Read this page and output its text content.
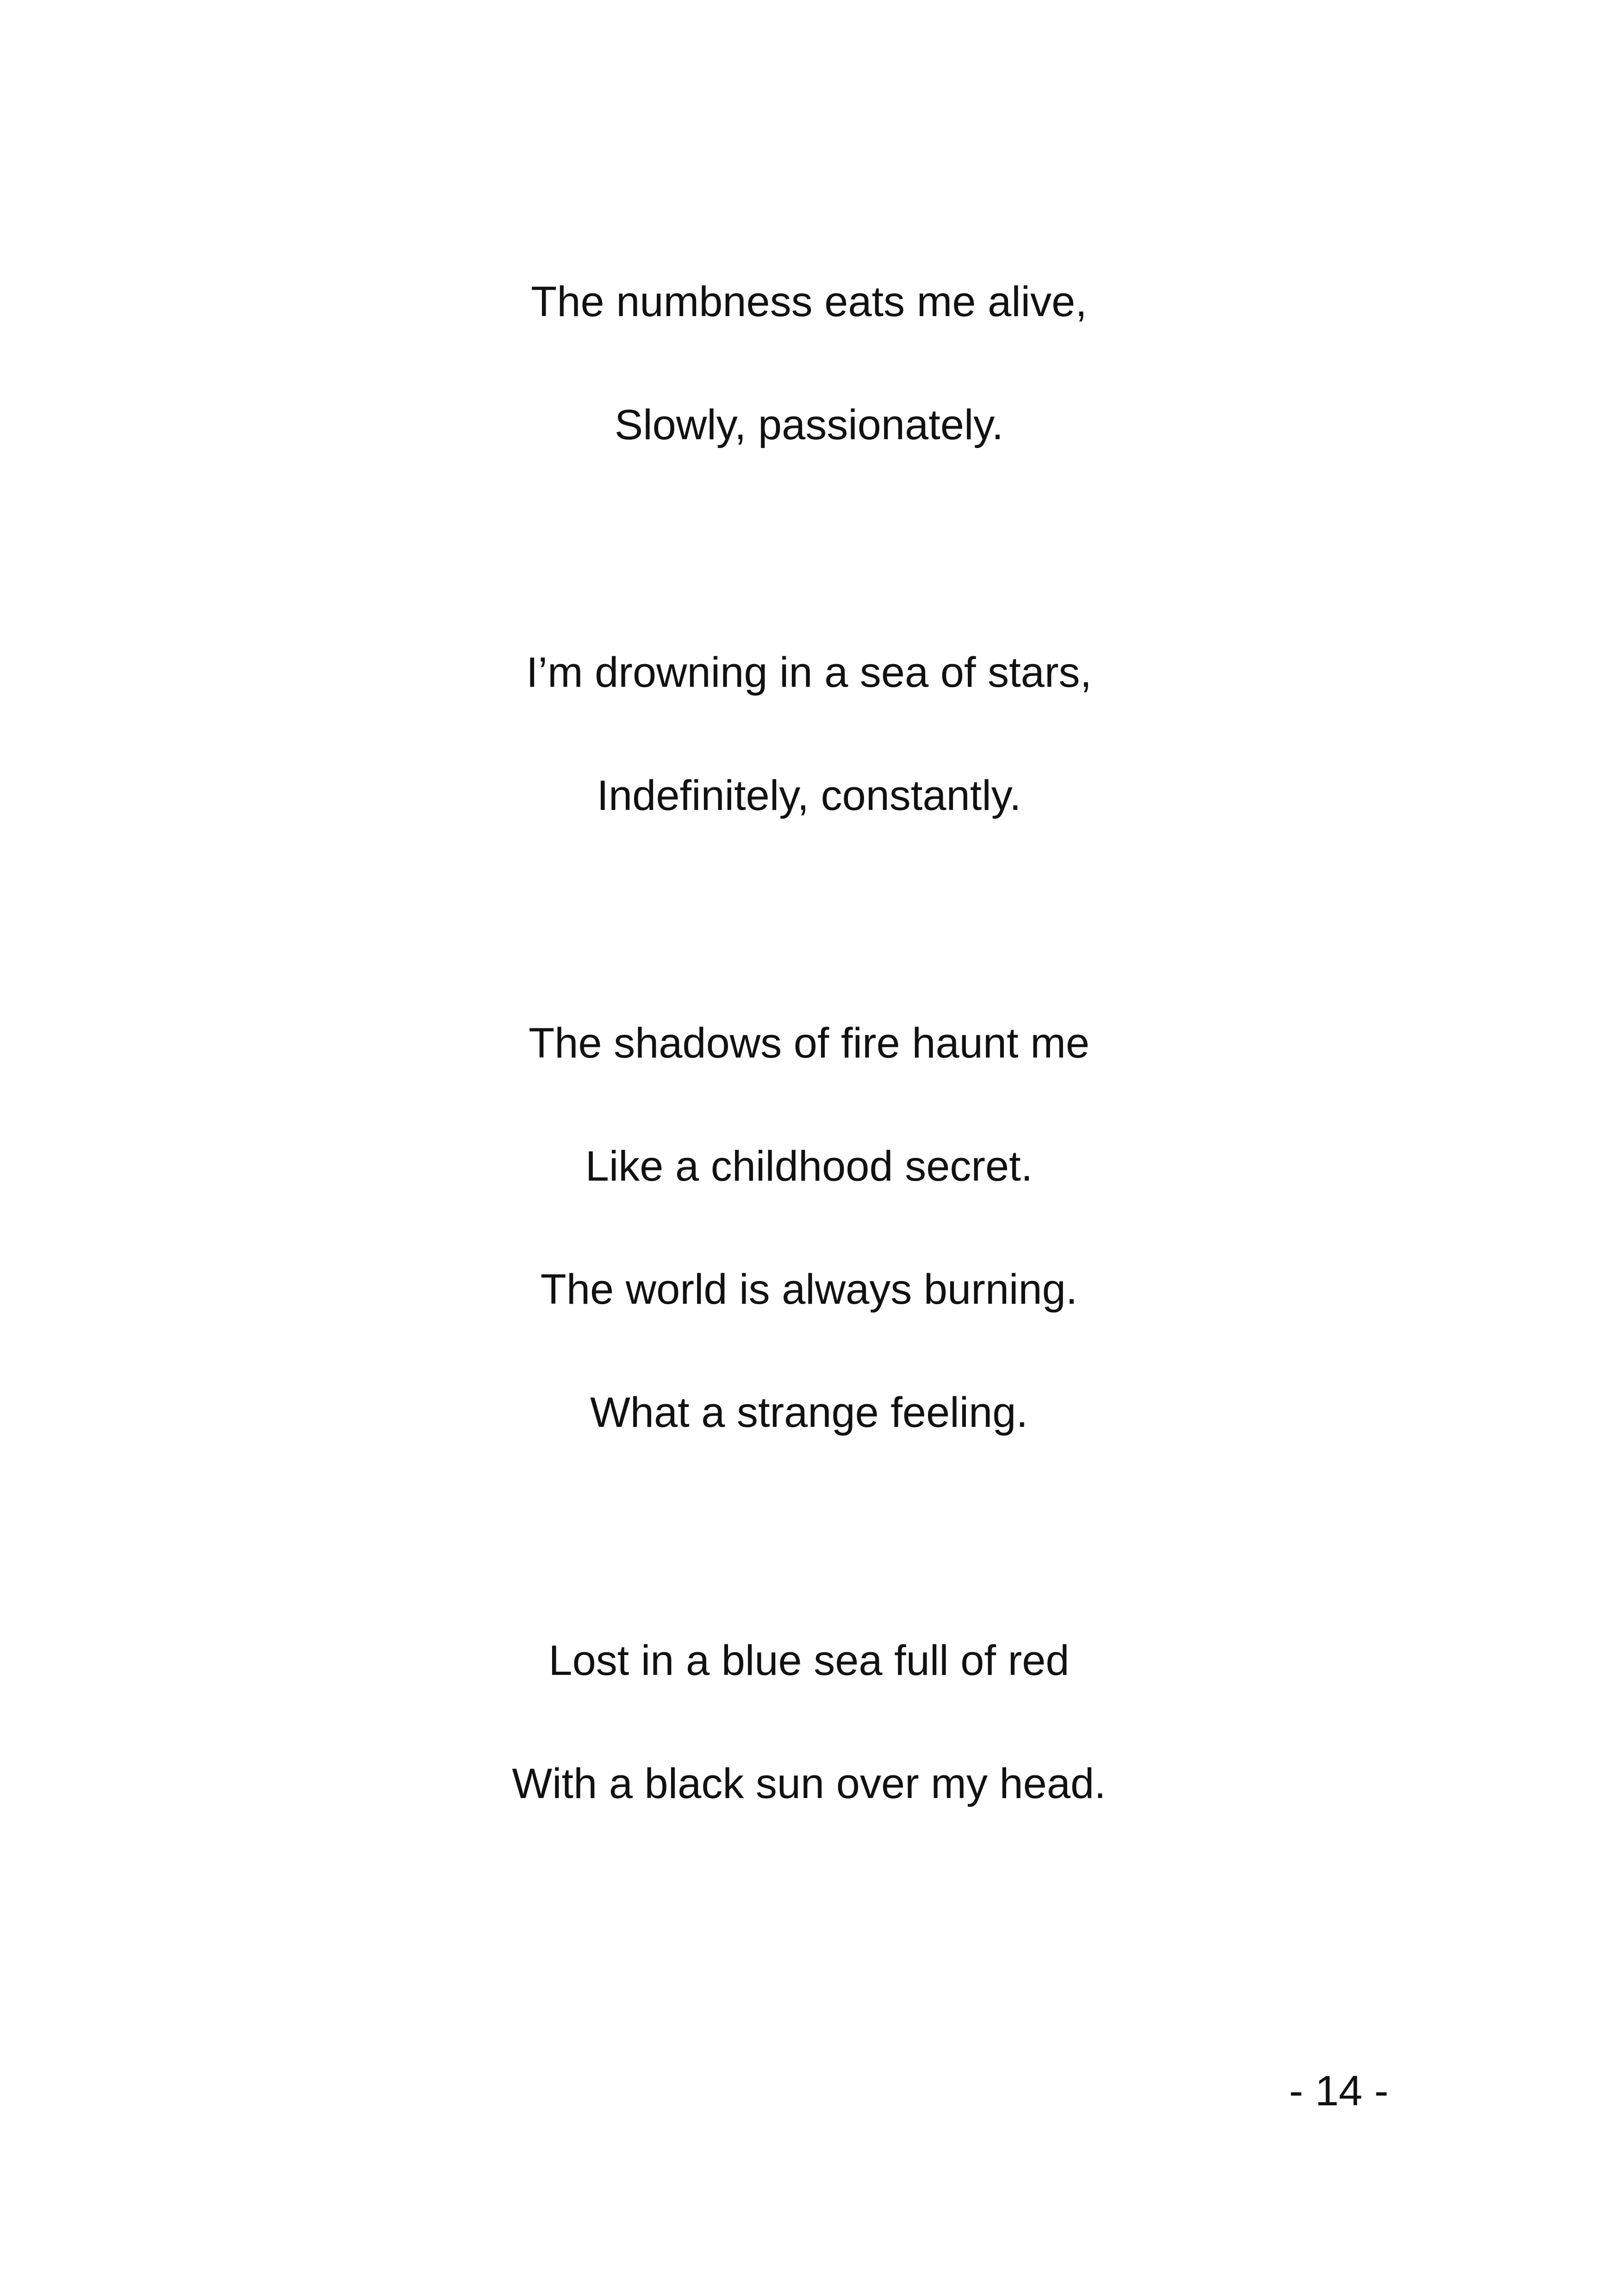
The numbness eats me alive,
Slowly, passionately.
I’m drowning in a sea of stars,
Indefinitely, constantly.
The shadows of fire haunt me
Like a childhood secret.
The world is always burning.
What a strange feeling.
Lost in a blue sea full of red
With a black sun over my head.
- 14 -
